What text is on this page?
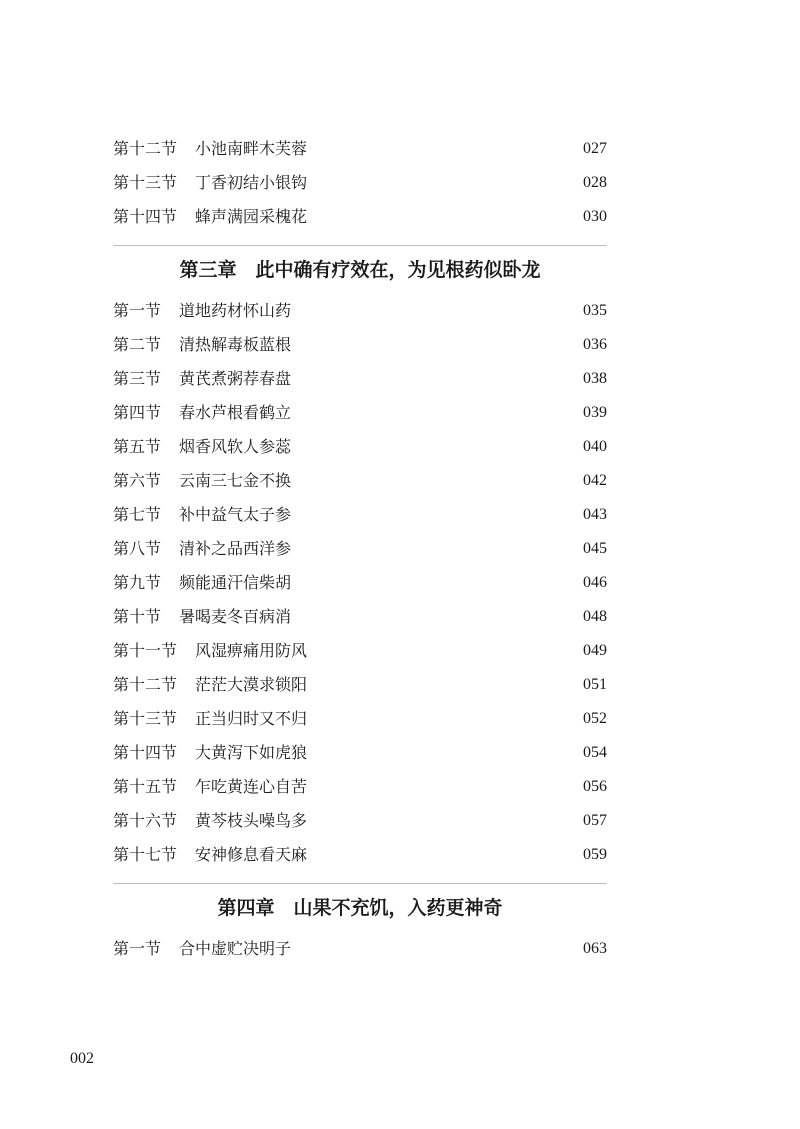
第十二节 小池南畔木芙蓉	027
第十三节 丁香初结小银钩	028
第十四节 蜂声满园采槐花	030
第三章　此中确有疗效在，为见根药似卧龙
第一节 道地药材怀山药	035
第二节 清热解毒板蓝根	036
第三节 黄芪煮粥荐春盘	038
第四节 春水芦根看鹤立	039
第五节 烟香风软人参蕊	040
第六节 云南三七金不换	042
第七节 补中益气太子参	043
第八节 清补之品西洋参	045
第九节 频能通汗信柴胡	046
第十节 暑喝麦冬百病消	048
第十一节 风湿痹痛用防风	049
第十二节 茫茫大漠求锁阳	051
第十三节 正当归时又不归	052
第十四节 大黄泻下如虎狼	054
第十五节 乍吃黄连心自苦	056
第十六节 黄芩枝头噪鸟多	057
第十七节 安神修息看天麻	059
第四章　山果不充饥，入药更神奇
第一节 合中虚贮决明子	063
002
